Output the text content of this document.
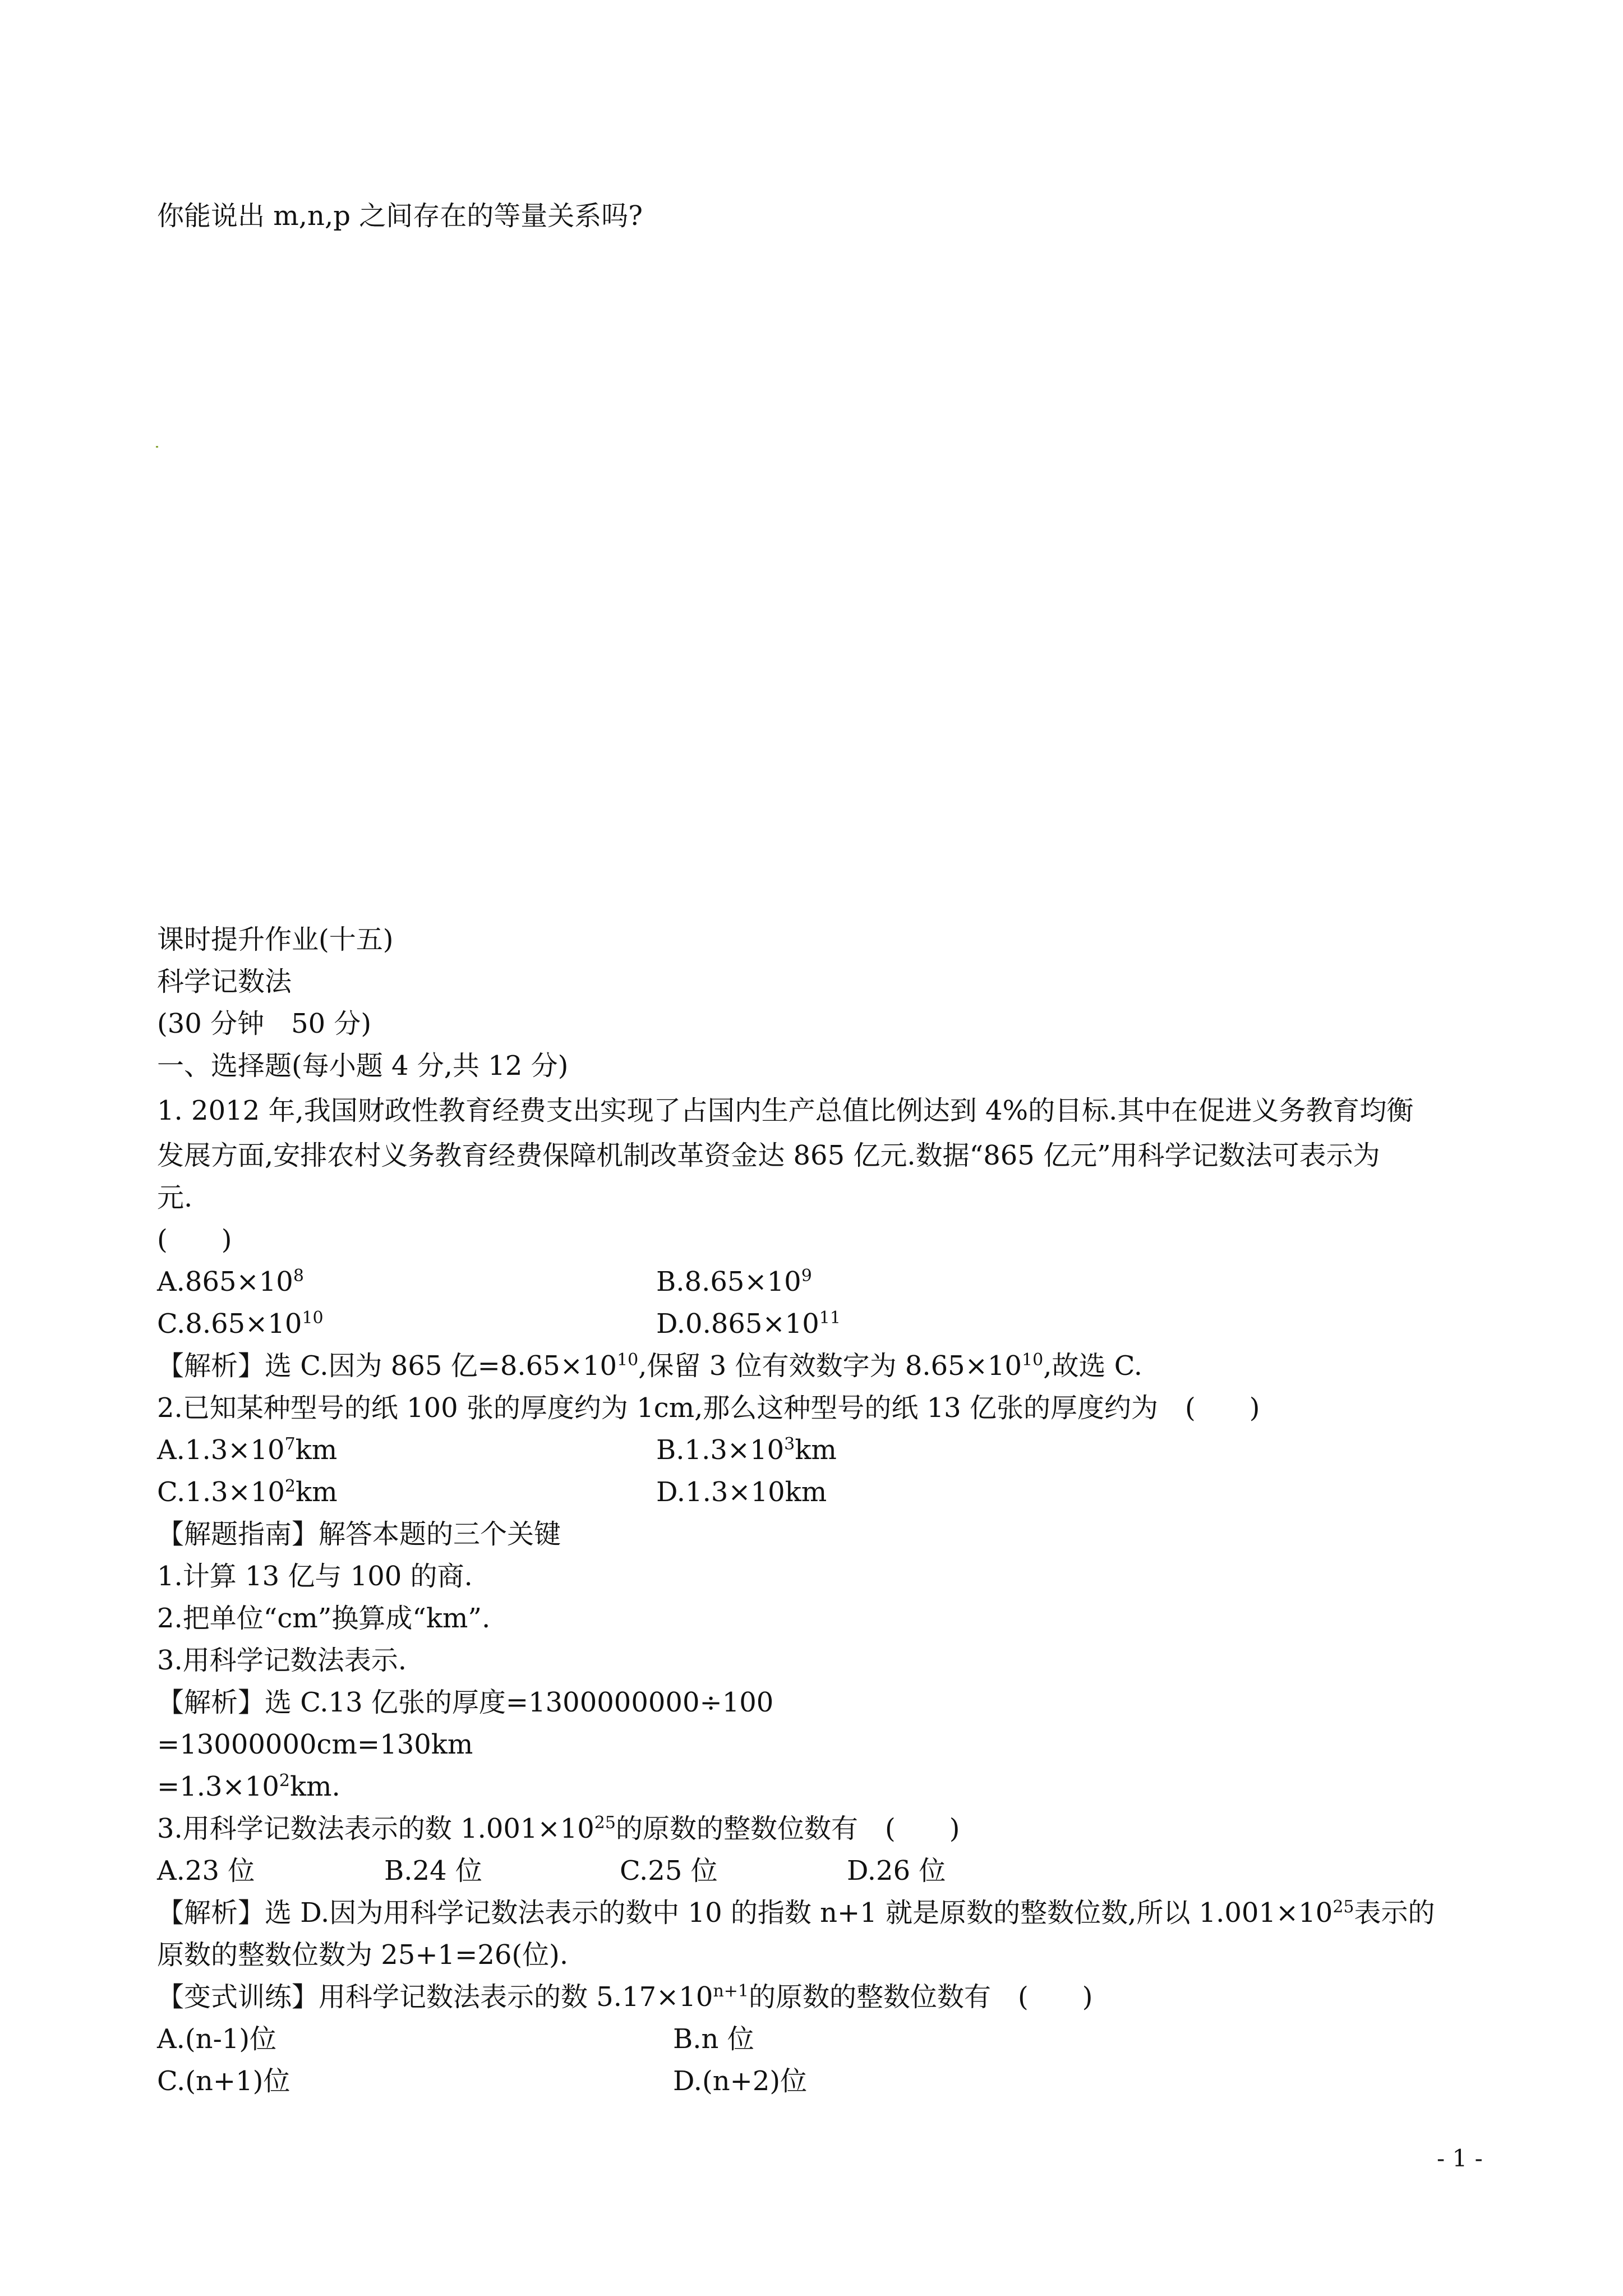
你能说出 m,n,p 之间存在的等量关系吗?
课时提升作业(十五)
科学记数法
(30 分钟　50 分)
一、选择题(每小题 4 分,共 12 分)
1. 2012 年,我国财政性教育经费支出实现了占国内生产总值比例达到 4%的目标.其中在促进义务教育均衡
发展方面,安排农村义务教育经费保障机制改革资金达 865 亿元.数据“865 亿元”用科学记数法可表示为
元.
(　　)
$A.865\times 10^8$	$B.8.65\times 10^9$
$C.8.65\times 10^{10}$	$D.0.865\times 10^{11}$
【解析】选 C.因为 865 亿$=8.65\times 10^{10}$,保留 3 位有效数字为 $8.65\times 10^{10}$,故选 C.
2.已知某种型号的纸 100 张的厚度约为 1cm,那么这种型号的纸 13 亿张的厚度约为　(　　)
$A.1.3\times 10^7km$	$B.1.3\times 10^3km$
$C.1.3\times 10^2km$	D.1.3×10km
【解题指南】解答本题的三个关键
1.计算 13 亿与 100 的商.
2.把单位“cm”换算成“km”.
3.用科学记数法表示.
【解析】选 C.13 亿张的厚度=1300000000÷100
=13000000cm=130km
$=1.3\times 10^2km$.
3.用科学记数法表示的数 $1.001\times 10^{25}$的原数的整数位数有　(　　)
A.23 位	B.24 位	C.25 位	D.26 位
【解析】选 D.因为用科学记数法表示的数中 10 的指数 n+1 就是原数的整数位数,所以 $1.001\times 10^{25}$表示的
原数的整数位数为 25+1=26(位).
【变式训练】用科学记数法表示的数 $5.17\times 10^{n+1}$的原数的整数位数有　(　　)
A.(n-1)位	B.n 位
C.(n+1)位	D.(n+2)位
- 1 -
